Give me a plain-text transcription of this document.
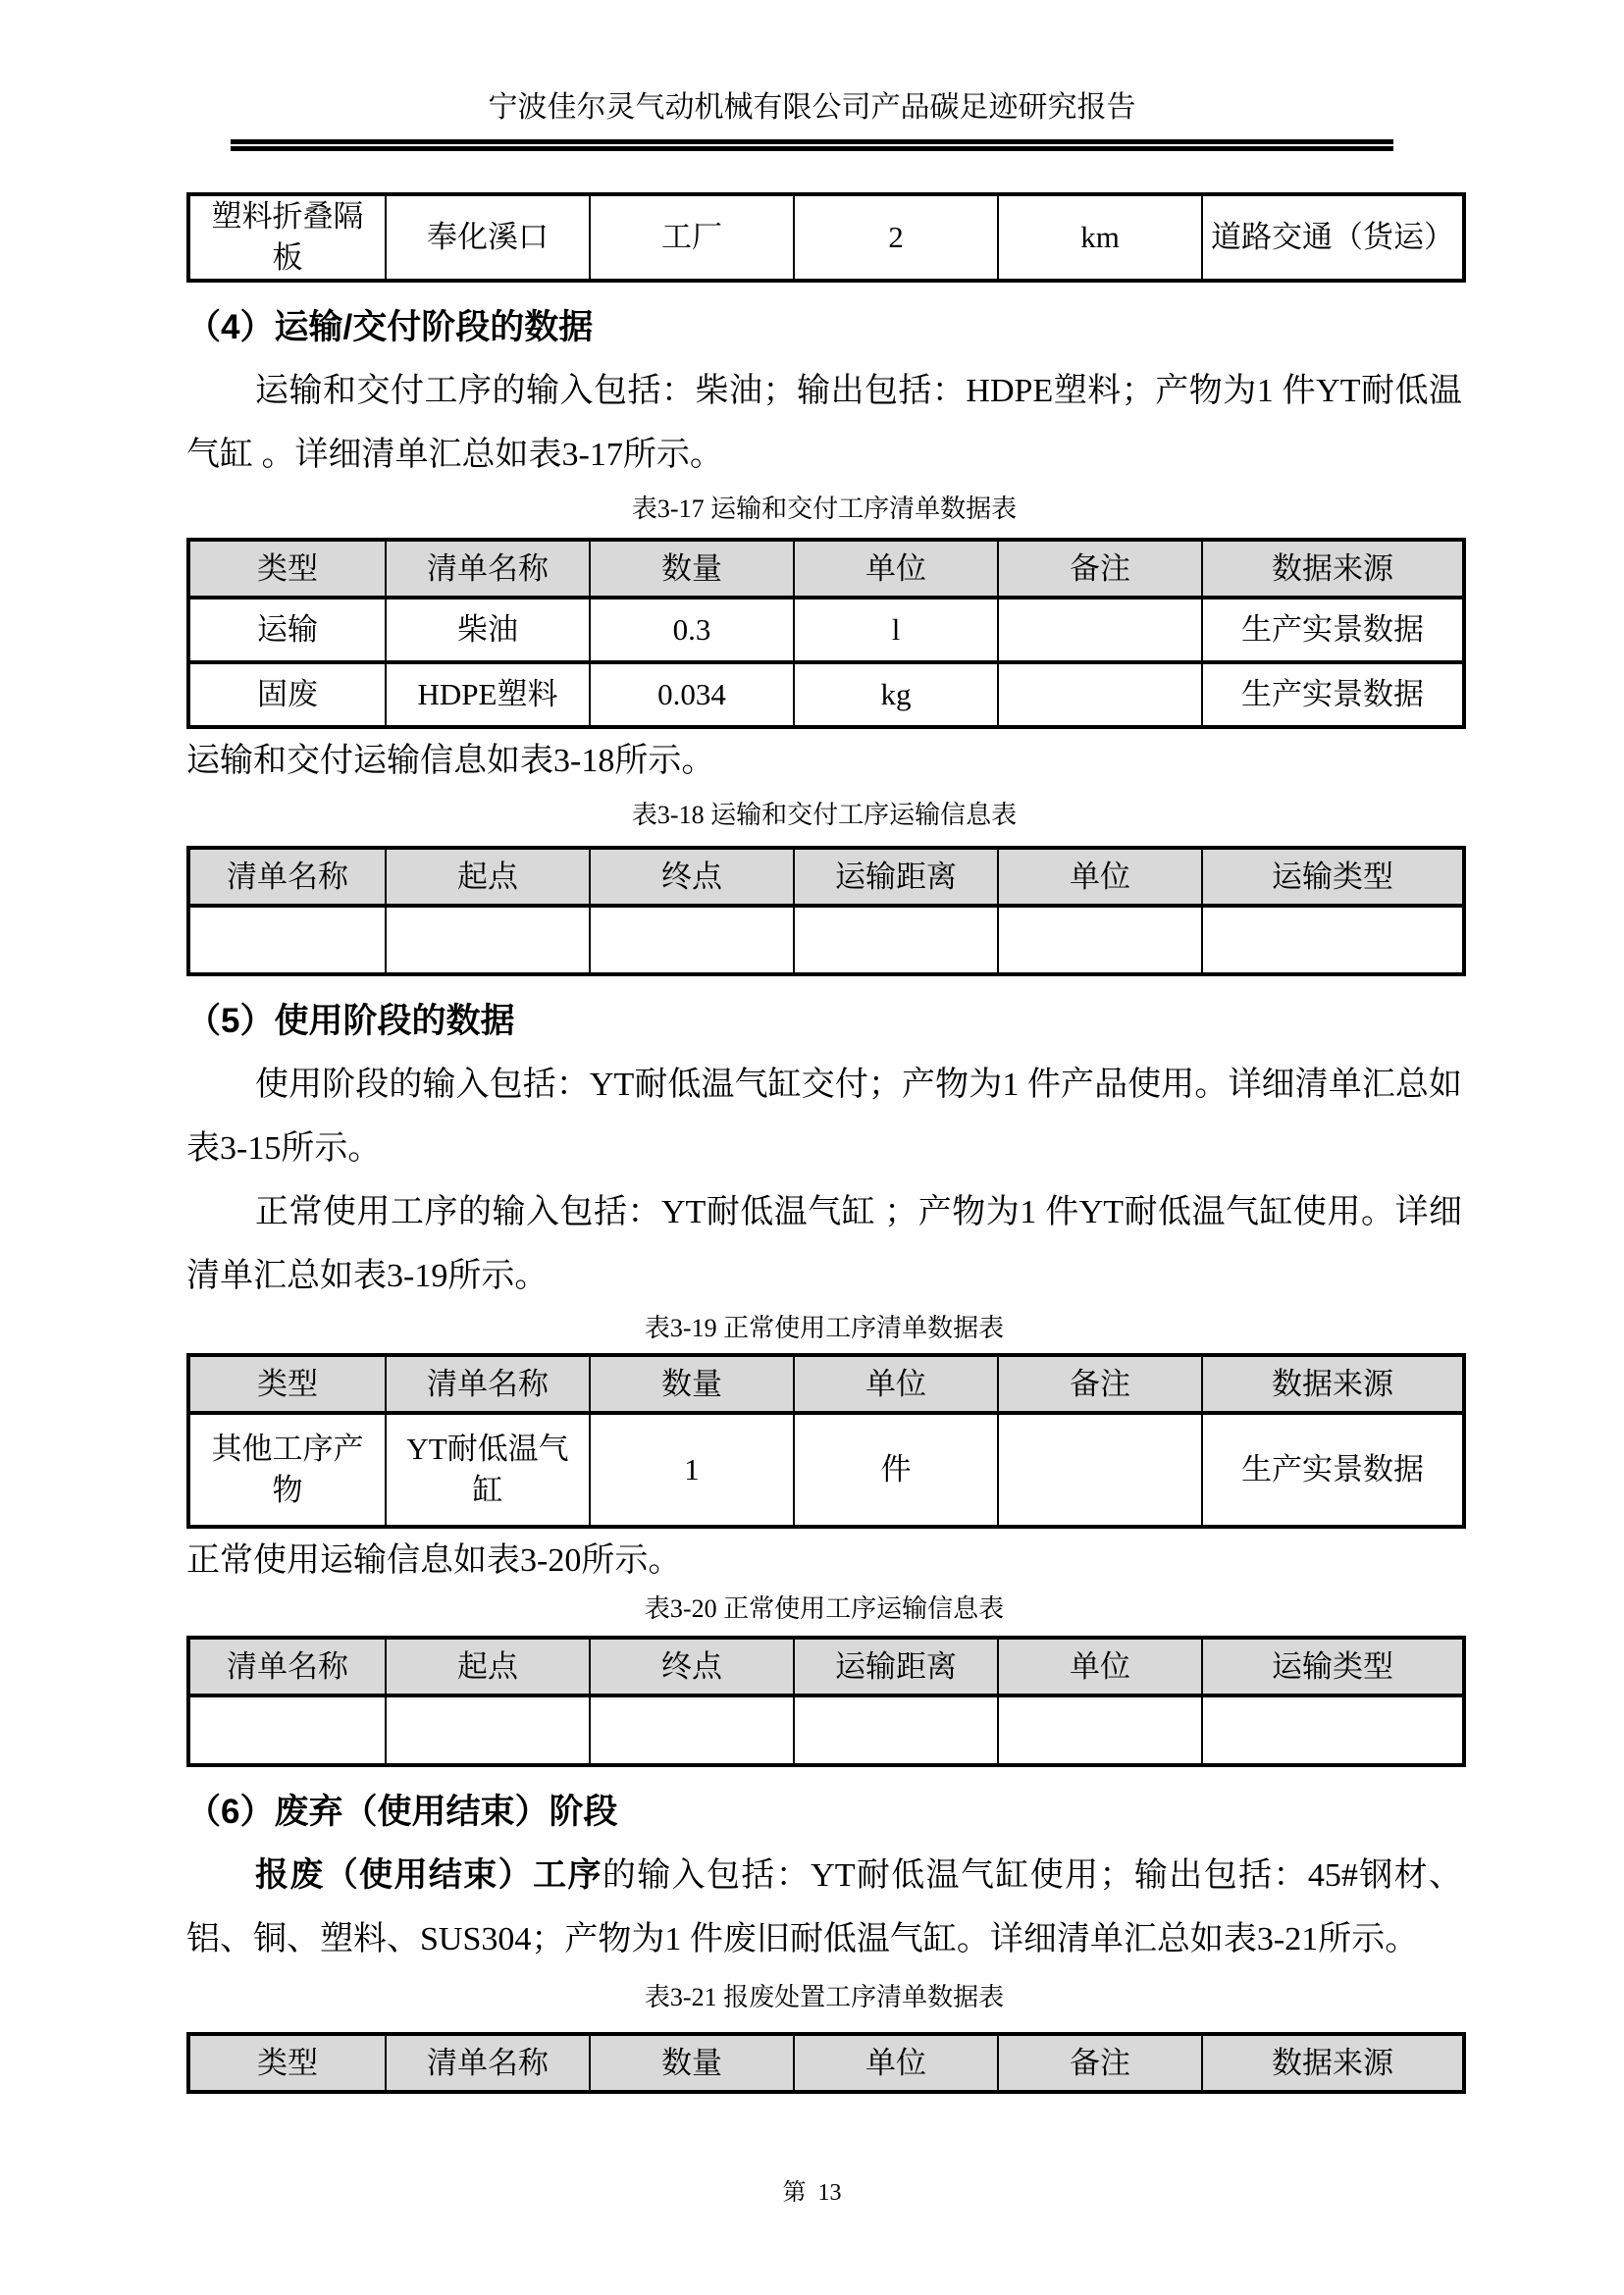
宁波佳尔灵气动机械有限公司产品碳足迹研究报告
塑料折叠隔板	奉化溪口	工厂	2	km	道路交通（货运）
（4）运输/交付阶段的数据

运输和交付工序的输入包括：柴油；输出包括：HDPE塑料；产物为1 件YT耐低温气缸 。详细清单汇总如表3-17所示。

表3-17 运输和交付工序清单数据表
类型	清单名称	数量	单位	备注	数据来源
运输	柴油	0.3	l		生产实景数据
固废	HDPE塑料	0.034	kg		生产实景数据

运输和交付运输信息如表3-18所示。

表3-18 运输和交付工序运输信息表
清单名称	起点	终点	运输距离	单位	运输类型

（5）使用阶段的数据

使用阶段的输入包括：YT耐低温气缸交付；产物为1 件产品使用。详细清单汇总如表3-15所示。

正常使用工序的输入包括：YT耐低温气缸 ；产物为1 件YT耐低温气缸使用。详细清单汇总如表3-19所示。

表3-19 正常使用工序清单数据表
类型	清单名称	数量	单位	备注	数据来源
其他工序产物	YT耐低温气缸	1	件		生产实景数据

正常使用运输信息如表3-20所示。

表3-20 正常使用工序运输信息表
清单名称	起点	终点	运输距离	单位	运输类型

（6）废弃（使用结束）阶段

报废（使用结束）工序的输入包括：YT耐低温气缸使用；输出包括：45#钢材、铝、铜、塑料、SUS304；产物为1 件废旧耐低温气缸。详细清单汇总如表3-21所示。

表3-21 报废处置工序清单数据表
类型	清单名称	数量	单位	备注	数据来源
第  13
